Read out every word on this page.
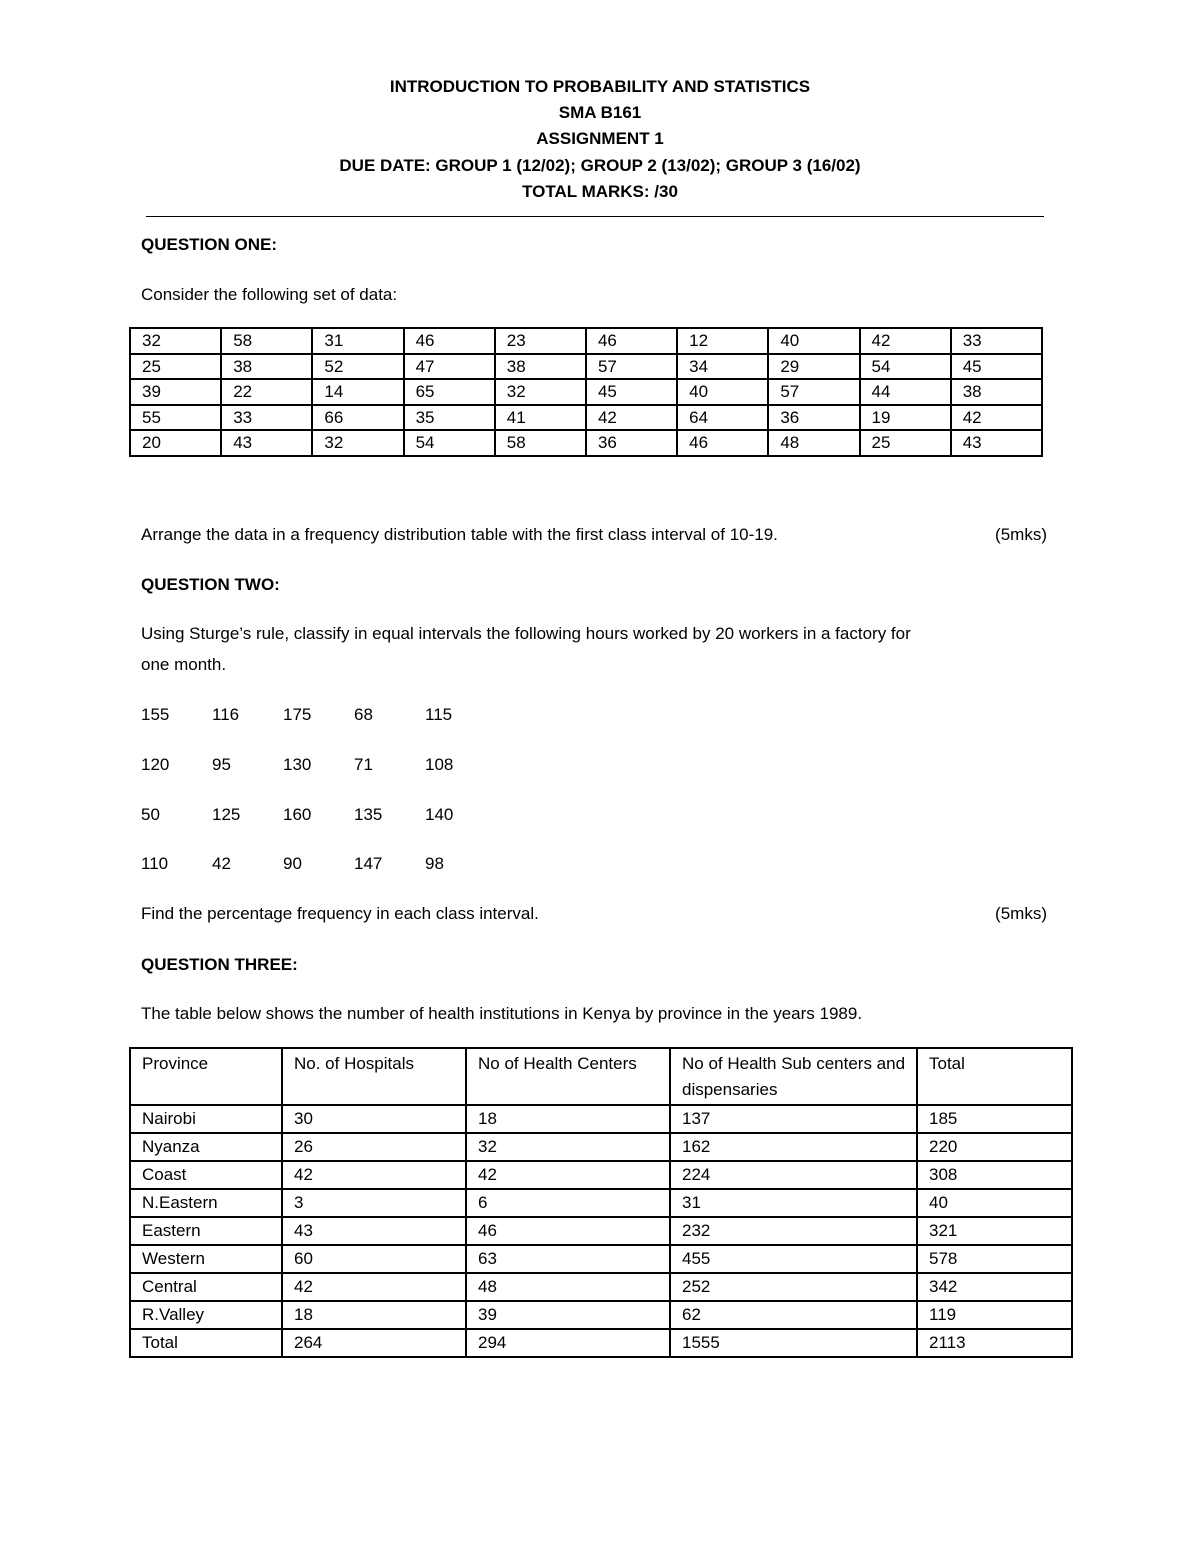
INTRODUCTION TO PROBABILITY AND STATISTICS
SMA B161
ASSIGNMENT 1
DUE DATE: GROUP 1 (12/02); GROUP 2 (13/02); GROUP 3 (16/02)
TOTAL MARKS: /30
QUESTION ONE:
Consider the following set of data:
32	58	31	46	23	46	12	40	42	33
25	38	52	47	38	57	34	29	54	45
39	22	14	65	32	45	40	57	44	38
55	33	66	35	41	42	64	36	19	42
20	43	32	54	58	36	46	48	25	43
Arrange the data in a frequency distribution table with the first class interval of 10-19.	(5mks)
QUESTION TWO:
Using Sturge’s rule, classify in equal intervals the following hours worked by 20 workers in a factory for
one month.
155	116	175	68	115
120	95	130	71	108
50	125	160	135	140
110	42	90	147	98
Find the percentage frequency in each class interval.	(5mks)
QUESTION THREE:
The table below shows the number of health institutions in Kenya by province in the years 1989.
Province	No. of Hospitals	No of Health Centers	No of Health Sub centers and dispensaries	Total
Nairobi	30	18	137	185
Nyanza	26	32	162	220
Coast	42	42	224	308
N.Eastern	3	6	31	40
Eastern	43	46	232	321
Western	60	63	455	578
Central	42	48	252	342
R.Valley	18	39	62	119
Total	264	294	1555	2113
